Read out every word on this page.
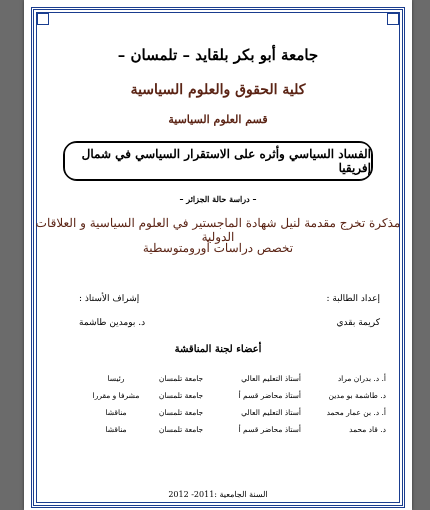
جامعة أبو بكر بلقايد – تلمسان –
كلية الحقوق والعلوم السياسية
قسم العلوم السياسية
الفساد السياسي وأثره على الاستقرار السياسي في شمال إفريقيا
– دراسة حالة الجزائر –
مذكرة تخرج مقدمة لنيل شهادة الماجستير في العلوم السياسية و العلاقات الدولية
تخصص دراسات أورومتوسطية
إعداد الطالبة :
كريمة بقدي
إشراف الأستاذ :
د. بومدين طاشمة
أعضاء لجنة المناقشة
أ. د. بدران مراد
أستاذ التعليم العالي
جامعة تلمسان
رئيسا
د. طاشمة بو مدين
أستاذ محاضر قسم أ
جامعة تلمسان
مشرفا و مقررا
أ. د. بن عمار محمد
أستاذ التعليم العالي
جامعة تلمسان
مناقشا
د. قاد محمد
أستاذ محاضر قسم أ
جامعة تلمسان
مناقشا
السنة الجامعية :2011- 2012
